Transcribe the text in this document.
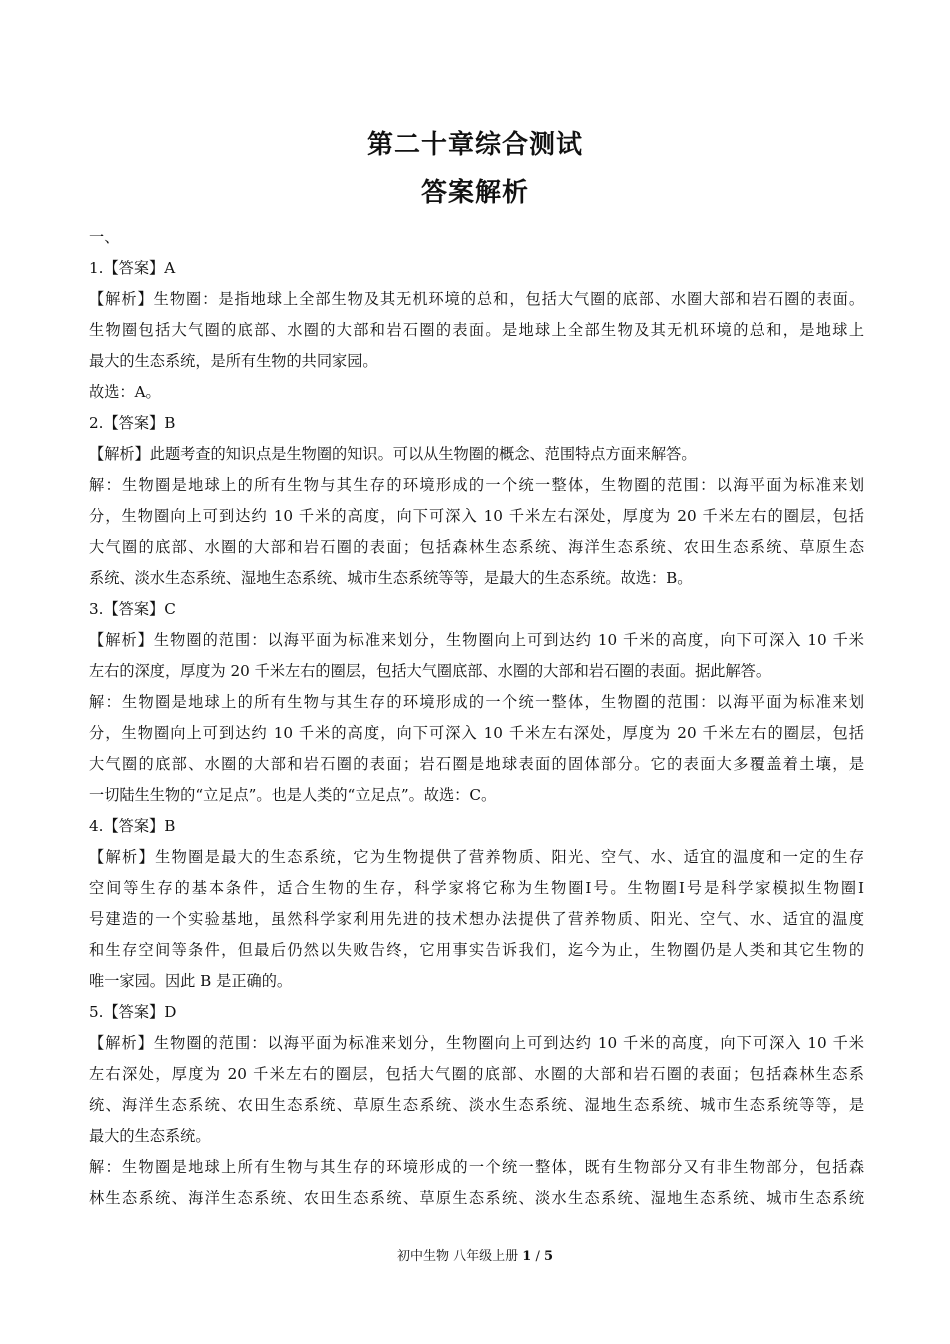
第二十章综合测试
答案解析
一、
1.【答案】A
【解析】生物圈：是指地球上全部生物及其无机环境的总和，包括大气圈的底部、水圈大部和岩石圈的表面。
生物圈包括大气圈的底部、水圈的大部和岩石圈的表面。是地球上全部生物及其无机环境的总和，是地球上
最大的生态系统，是所有生物的共同家园。
故选：A。
2.【答案】B
【解析】此题考查的知识点是生物圈的知识。可以从生物圈的概念、范围特点方面来解答。
解：生物圈是地球上的所有生物与其生存的环境形成的一个统一整体，生物圈的范围：以海平面为标准来划
分，生物圈向上可到达约 10 千米的高度，向下可深入 10 千米左右深处，厚度为 20 千米左右的圈层，包括
大气圈的底部、水圈的大部和岩石圈的表面；包括森林生态系统、海洋生态系统、农田生态系统、草原生态
系统、淡水生态系统、湿地生态系统、城市生态系统等等，是最大的生态系统。故选：B。
3.【答案】C
【解析】生物圈的范围：以海平面为标准来划分，生物圈向上可到达约 10 千米的高度，向下可深入 10 千米
左右的深度，厚度为 20 千米左右的圈层，包括大气圈底部、水圈的大部和岩石圈的表面。据此解答。
解：生物圈是地球上的所有生物与其生存的环境形成的一个统一整体，生物圈的范围：以海平面为标准来划
分，生物圈向上可到达约 10 千米的高度，向下可深入 10 千米左右深处，厚度为 20 千米左右的圈层，包括
大气圈的底部、水圈的大部和岩石圈的表面；岩石圈是地球表面的固体部分。它的表面大多覆盖着土壤，是
一切陆生生物的“立足点”。也是人类的“立足点”。故选：C。
4.【答案】B
【解析】生物圈是最大的生态系统，它为生物提供了营养物质、阳光、空气、水、适宜的温度和一定的生存
空间等生存的基本条件，适合生物的生存，科学家将它称为生物圈Ⅰ号。生物圈Ⅰ号是科学家模拟生物圈Ⅰ
号建造的一个实验基地，虽然科学家利用先进的技术想办法提供了营养物质、阳光、空气、水、适宜的温度
和生存空间等条件，但最后仍然以失败告终，它用事实告诉我们，迄今为止，生物圈仍是人类和其它生物的
唯一家园。因此 B 是正确的。
5.【答案】D
【解析】生物圈的范围：以海平面为标准来划分，生物圈向上可到达约 10 千米的高度，向下可深入 10 千米
左右深处，厚度为 20 千米左右的圈层，包括大气圈的底部、水圈的大部和岩石圈的表面；包括森林生态系
统、海洋生态系统、农田生态系统、草原生态系统、淡水生态系统、湿地生态系统、城市生态系统等等，是
最大的生态系统。
解：生物圈是地球上所有生物与其生存的环境形成的一个统一整体，既有生物部分又有非生物部分，包括森
林生态系统、海洋生态系统、农田生态系统、草原生态系统、淡水生态系统、湿地生态系统、城市生态系统
初中生物 八年级上册 1 / 5
